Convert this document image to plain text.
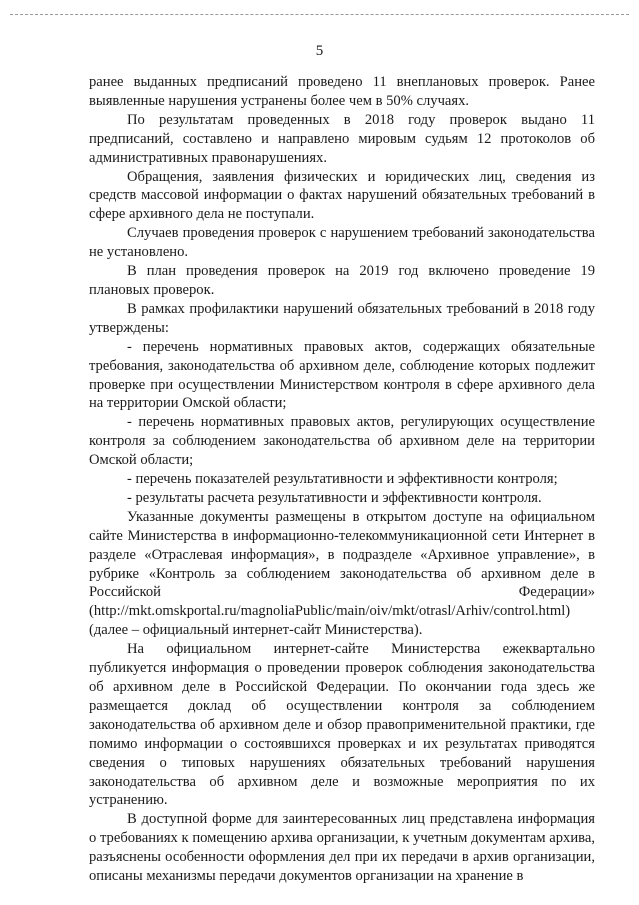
5

ранее выданных предписаний проведено 11 внеплановых проверок. Ранее выявленные нарушения устранены более чем в 50% случаях.

По результатам проведенных в 2018 году проверок выдано 11 предписаний, составлено и направлено мировым судьям 12 протоколов об административных правонарушениях.

Обращения, заявления физических и юридических лиц, сведения из средств массовой информации о фактах нарушений обязательных требований в сфере архивного дела не поступали.

Случаев проведения проверок с нарушением требований законодательства не установлено.

В план проведения проверок на 2019 год включено проведение 19 плановых проверок.

В рамках профилактики нарушений обязательных требований в 2018 году утверждены:

- перечень нормативных правовых актов, содержащих обязательные требования, законодательства об архивном деле, соблюдение которых подлежит проверке при осуществлении Министерством контроля в сфере архивного дела на территории Омской области;

- перечень нормативных правовых актов, регулирующих осуществление контроля за соблюдением законодательства об архивном деле на территории Омской области;

- перечень показателей результативности и эффективности контроля;

- результаты расчета результативности и эффективности контроля.

Указанные документы размещены в открытом доступе на официальном сайте Министерства в информационно-телекоммуникационной сети Интернет в разделе «Отраслевая информация», в подразделе «Архивное управление», в рубрике «Контроль за соблюдением законодательства об архивном деле в Российской Федерации» (http://mkt.omskportal.ru/magnoliaPublic/main/oiv/mkt/otrasl/Arhiv/control.html) (далее – официальный интернет-сайт Министерства).

На официальном интернет-сайте Министерства ежеквартально публикуется информация о проведении проверок соблюдения законодательства об архивном деле в Российской Федерации. По окончании года здесь же размещается доклад об осуществлении контроля за соблюдением законодательства об архивном деле и обзор правоприменительной практики, где помимо информации о состоявшихся проверках и их результатах приводятся сведения о типовых нарушениях обязательных требований нарушения законодательства об архивном деле и возможные мероприятия по их устранению.

В доступной форме для заинтересованных лиц представлена информация о требованиях к помещению архива организации, к учетным документам архива, разъяснены особенности оформления дел при их передачи в архив организации, описаны механизмы передачи документов организации на хранение в
